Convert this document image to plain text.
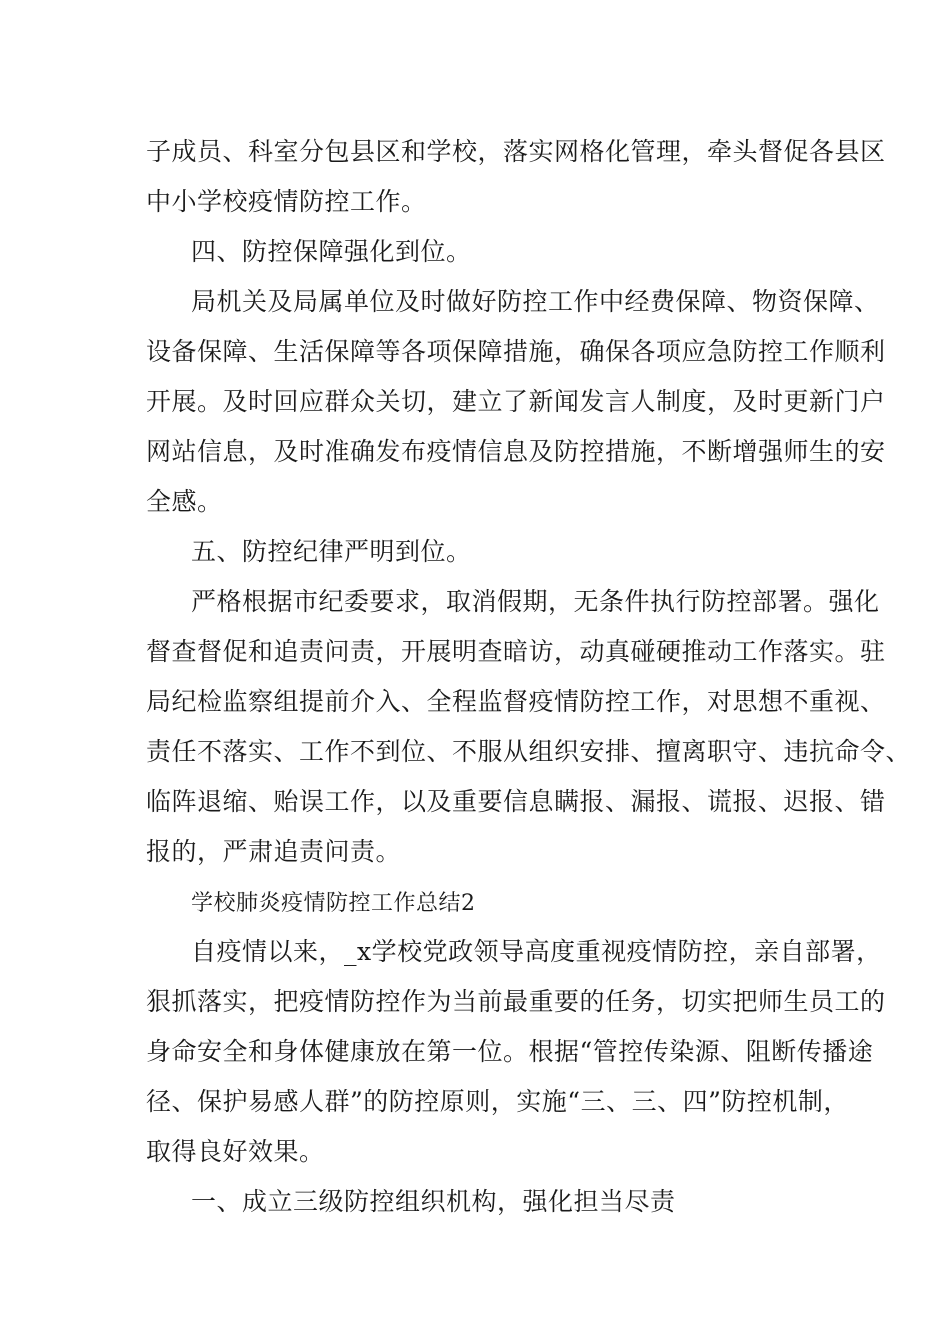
子成员、科室分包县区和学校，落实网格化管理，牵头督促各县区
中小学校疫情防控工作。
四、防控保障强化到位。
局机关及局属单位及时做好防控工作中经费保障、物资保障、
设备保障、生活保障等各项保障措施，确保各项应急防控工作顺利
开展。及时回应群众关切，建立了新闻发言人制度，及时更新门户
网站信息，及时准确发布疫情信息及防控措施，不断增强师生的安
全感。
五、防控纪律严明到位。
严格根据市纪委要求，取消假期，无条件执行防控部署。强化
督查督促和追责问责，开展明查暗访，动真碰硬推动工作落实。驻
局纪检监察组提前介入、全程监督疫情防控工作，对思想不重视、
责任不落实、工作不到位、不服从组织安排、擅离职守、违抗命令、
临阵退缩、贻误工作，以及重要信息瞒报、漏报、谎报、迟报、错
报的，严肃追责问责。
学校肺炎疫情防控工作总结2
自疫情以来，_x学校党政领导高度重视疫情防控，亲自部署，
狠抓落实，把疫情防控作为当前最重要的任务，切实把师生员工的
身命安全和身体健康放在第一位。根据“管控传染源、阻断传播途
径、保护易感人群”的防控原则，实施“三、三、四”防控机制，
取得良好效果。
一、成立三级防控组织机构，强化担当尽责
